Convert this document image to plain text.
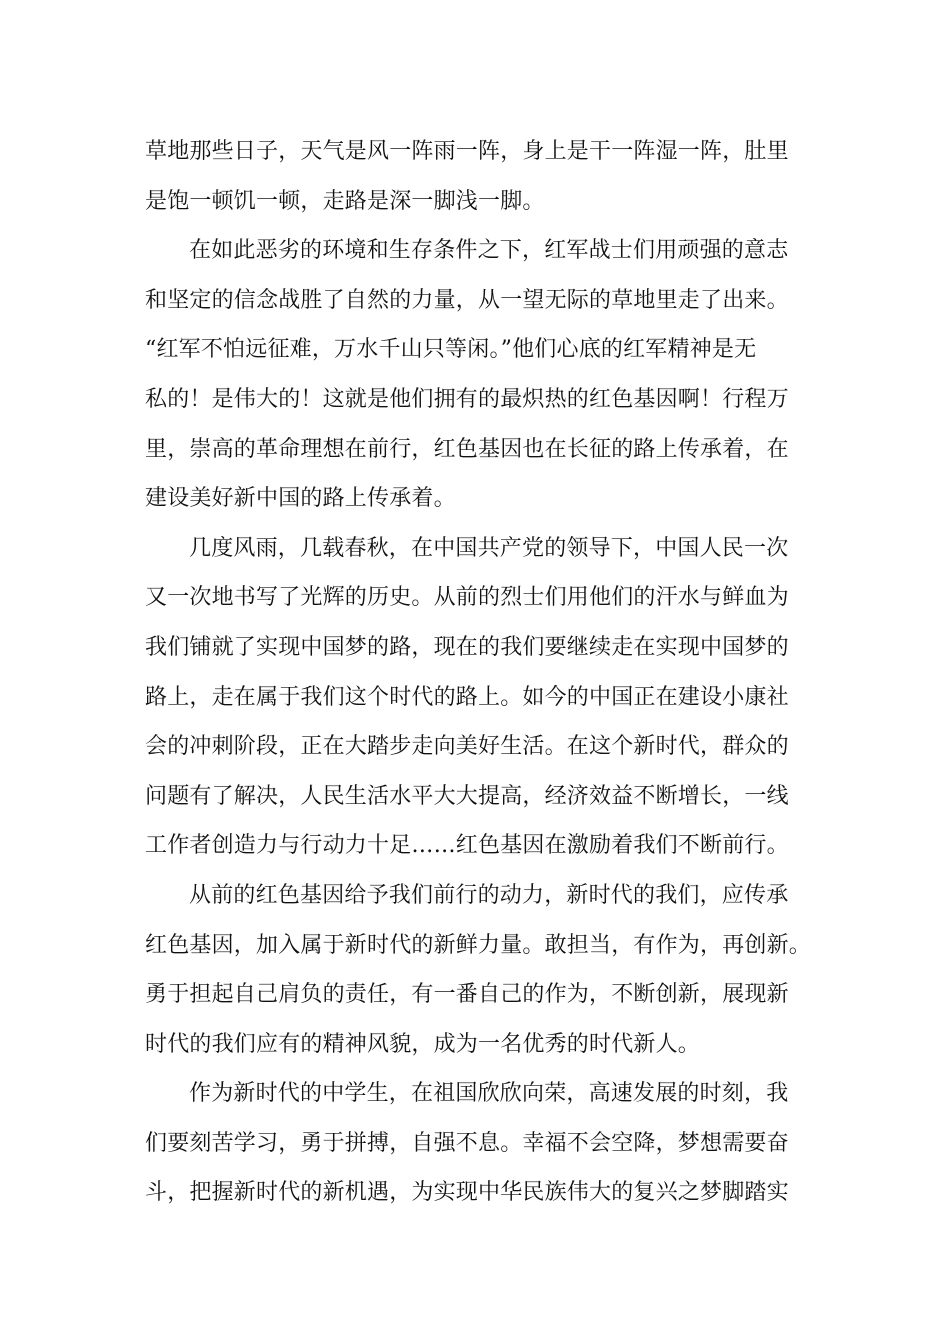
草地那些日子，天气是风一阵雨一阵，身上是干一阵湿一阵，肚里
是饱一顿饥一顿，走路是深一脚浅一脚。
在如此恶劣的环境和生存条件之下，红军战士们用顽强的意志
和坚定的信念战胜了自然的力量，从一望无际的草地里走了出来。
“红军不怕远征难，万水千山只等闲。”他们心底的红军精神是无
私的！是伟大的！这就是他们拥有的最炽热的红色基因啊！行程万
里，崇高的革命理想在前行，红色基因也在长征的路上传承着，在
建设美好新中国的路上传承着。
几度风雨，几载春秋，在中国共产党的领导下，中国人民一次
又一次地书写了光辉的历史。从前的烈士们用他们的汗水与鲜血为
我们铺就了实现中国梦的路，现在的我们要继续走在实现中国梦的
路上，走在属于我们这个时代的路上。如今的中国正在建设小康社
会的冲刺阶段，正在大踏步走向美好生活。在这个新时代，群众的
问题有了解决，人民生活水平大大提高，经济效益不断增长，一线
工作者创造力与行动力十足……红色基因在激励着我们不断前行。
从前的红色基因给予我们前行的动力，新时代的我们，应传承
红色基因，加入属于新时代的新鲜力量。敢担当，有作为，再创新。
勇于担起自己肩负的责任，有一番自己的作为，不断创新，展现新
时代的我们应有的精神风貌，成为一名优秀的时代新人。
作为新时代的中学生，在祖国欣欣向荣，高速发展的时刻，我
们要刻苦学习，勇于拼搏，自强不息。幸福不会空降，梦想需要奋
斗，把握新时代的新机遇，为实现中华民族伟大的复兴之梦脚踏实
